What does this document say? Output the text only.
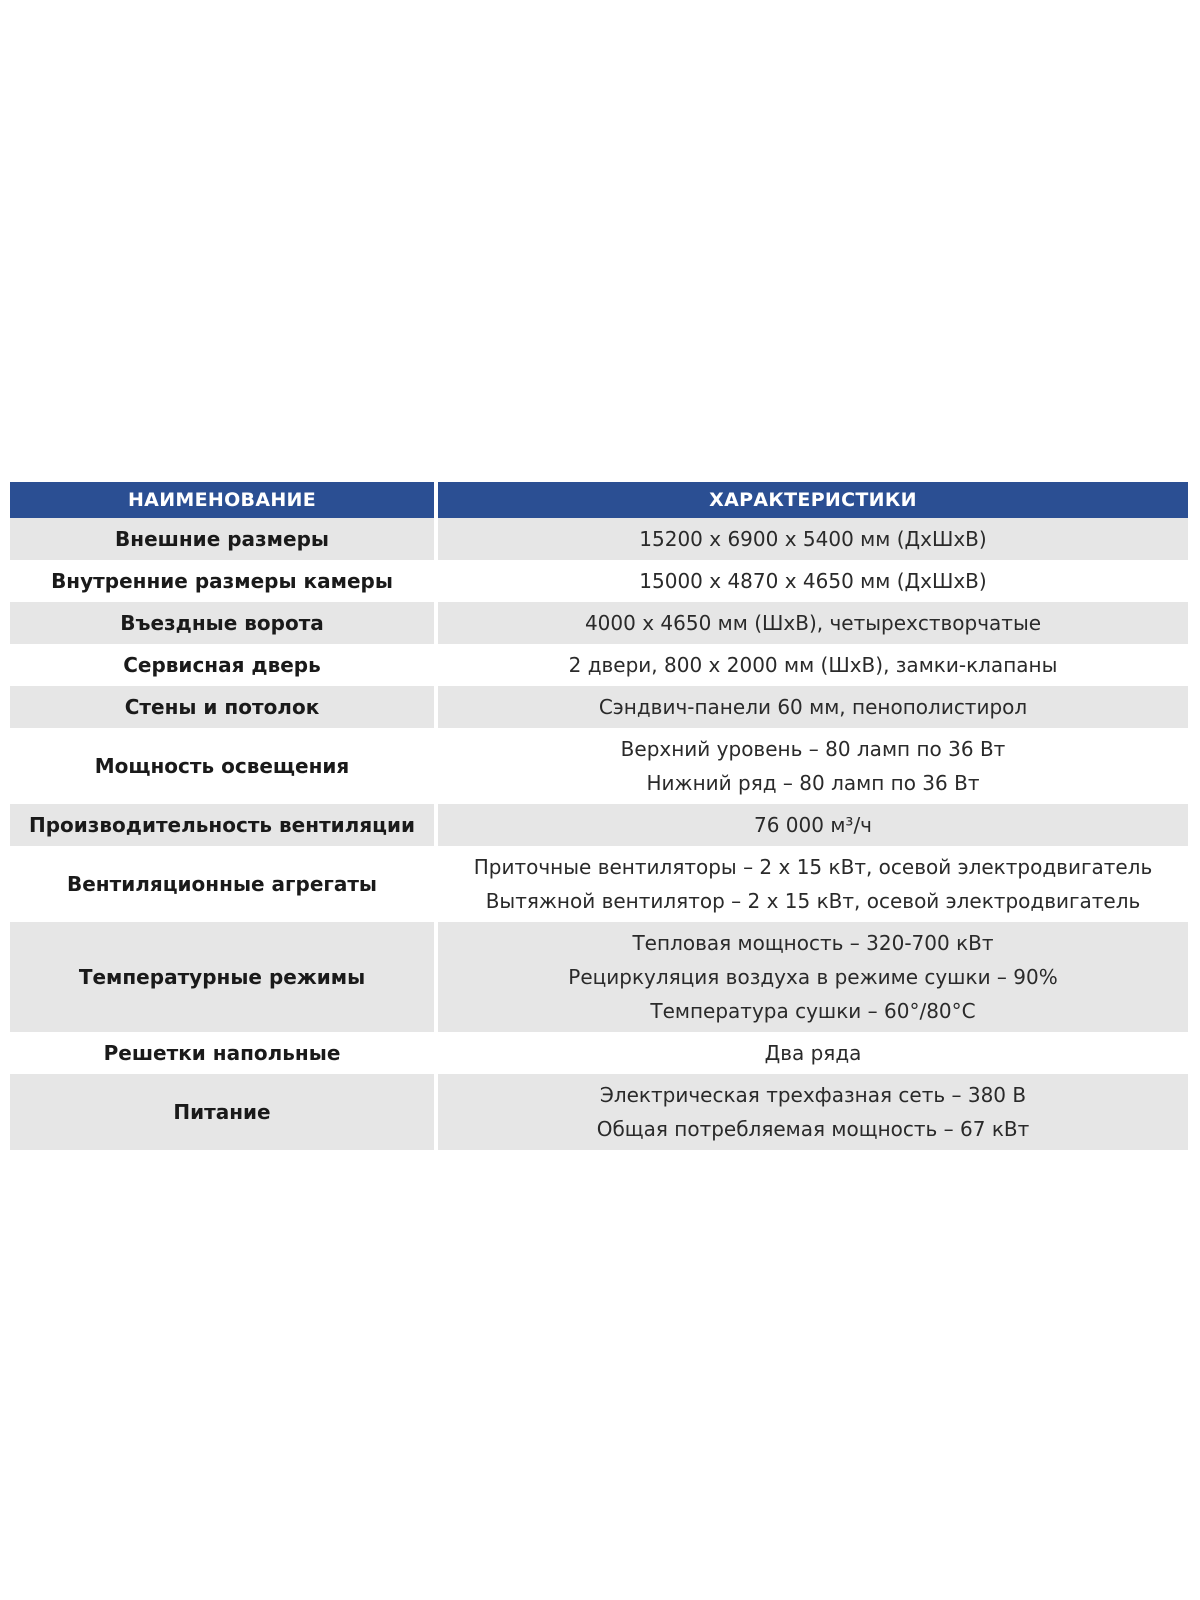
НАИМЕНОВАНИЕ	ХАРАКТЕРИСТИКИ
Внешние размеры	15200 х 6900 х 5400 мм (ДхШхВ)

Внутренние размеры камеры	15000 х 4870 х 4650 мм (ДхШхВ)

Въездные ворота	4000 х 4650 мм (ШхВ), четырехстворчатые

Сервисная дверь	2 двери, 800 х 2000 мм (ШхВ), замки-клапаны

Стены и потолок	Сэндвич-панели 60 мм, пенополистирол

Мощность освещения	Верхний уровень – 80 ламп по 36 Вт
Нижний ряд – 80 ламп по 36 Вт

Производительность вентиляции	76 000 м³/ч

Вентиляционные агрегаты	Приточные вентиляторы – 2 х 15 кВт, осевой электродвигатель
Вытяжной вентилятор – 2 х 15 кВт, осевой электродвигатель

Температурные режимы	Тепловая мощность – 320-700 кВт
Рециркуляция воздуха в режиме сушки – 90%
Температура сушки – 60°/80°С

Решетки напольные	Два ряда

Питание	Электрическая трехфазная сеть – 380 В
Общая потребляемая мощность – 67 кВт
